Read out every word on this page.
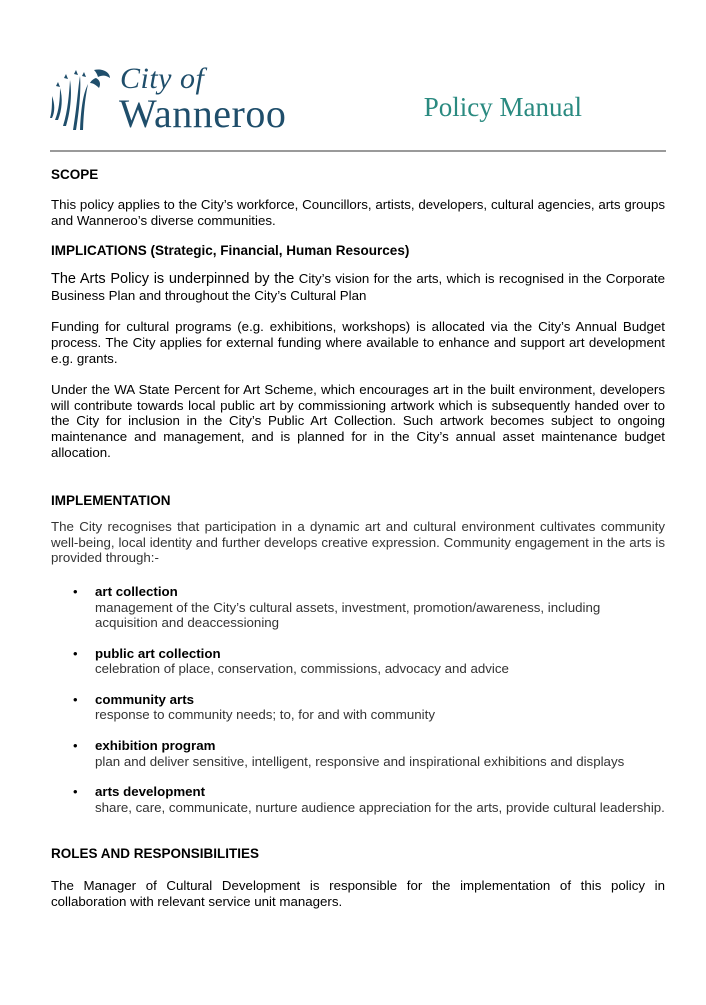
City of
Wanneroo	Policy Manual
SCOPE

This policy applies to the City’s workforce, Councillors, artists, developers, cultural agencies, arts groups and Wanneroo’s diverse communities.

IMPLICATIONS (Strategic, Financial, Human Resources)

The Arts Policy is underpinned by the City’s vision for the arts, which is recognised in the Corporate Business Plan and throughout the City’s Cultural Plan

Funding for cultural programs (e.g. exhibitions, workshops) is allocated via the City’s Annual Budget process. The City applies for external funding where available to enhance and support art development e.g. grants.

Under the WA State Percent for Art Scheme, which encourages art in the built environment, developers will contribute towards local public art by commissioning artwork which is subsequently handed over to the City for inclusion in the City’s Public Art Collection. Such artwork becomes subject to ongoing maintenance and management, and is planned for in the City’s annual asset maintenance budget allocation.

IMPLEMENTATION

The City recognises that participation in a dynamic art and cultural environment cultivates community well-being, local identity and further develops creative expression. Community engagement in the arts is provided through:-

• art collection
management of the City’s cultural assets, investment, promotion/awareness, including acquisition and deaccessioning
• public art collection
celebration of place, conservation, commissions, advocacy and advice
• community arts
response to community needs; to, for and with community
• exhibition program
plan and deliver sensitive, intelligent, responsive and inspirational exhibitions and displays
• arts development
share, care, communicate, nurture audience appreciation for the arts, provide cultural leadership.
ROLES AND RESPONSIBILITIES

The Manager of Cultural Development is responsible for the implementation of this policy in collaboration with relevant service unit managers.
